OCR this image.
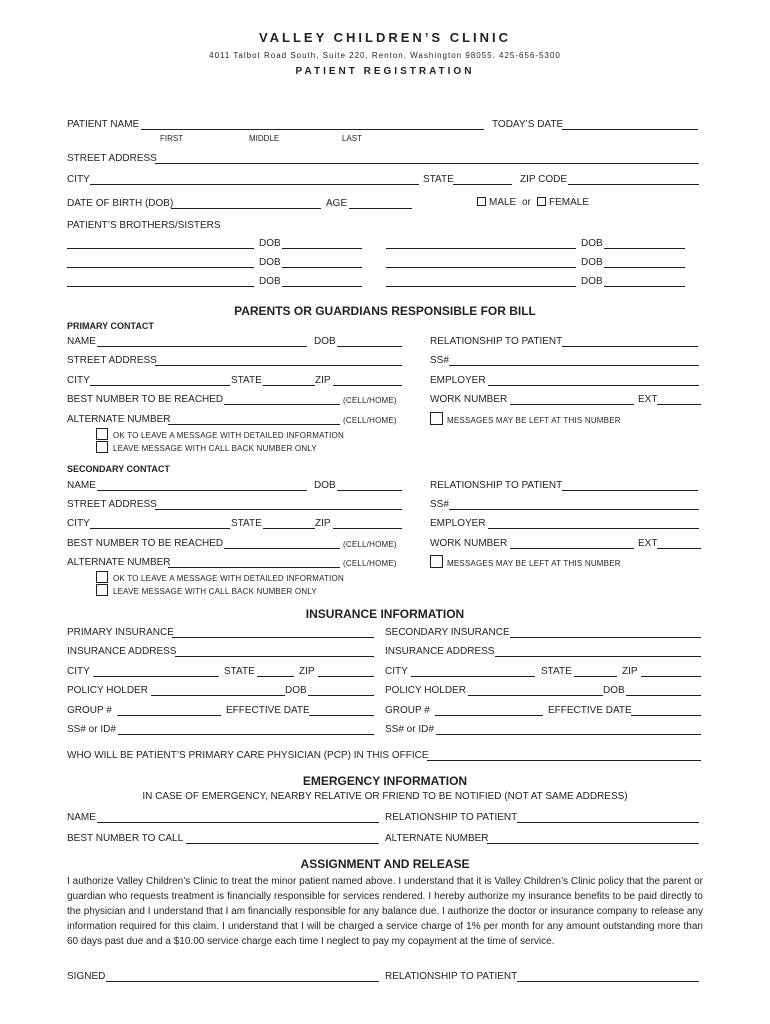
VALLEY CHILDREN’S CLINIC
4011 Talbot Road South, Suite 220, Renton, Washington 98055. 425-656-5300
PATIENT REGISTRATION
PATIENT NAME	TODAY’S DATE
FIRST	MIDDLE	LAST
STREET ADDRESS
CITY	STATE	ZIP CODE
DATE OF BIRTH (DOB)	AGE	MALE or FEMALE
PATIENT’S BROTHERS/SISTERS
DOB	DOB
DOB	DOB
DOB	DOB
PARENTS OR GUARDIANS RESPONSIBLE FOR BILL
PRIMARY CONTACT
NAME	DOB	RELATIONSHIP TO PATIENT
STREET ADDRESS	SS#
CITY	STATE	ZIP	EMPLOYER
BEST NUMBER TO BE REACHED	(CELL/HOME)	WORK NUMBER	EXT
ALTERNATE NUMBER	(CELL/HOME)	MESSAGES MAY BE LEFT AT THIS NUMBER
OK TO LEAVE A MESSAGE WITH DETAILED INFORMATION
LEAVE MESSAGE WITH CALL BACK NUMBER ONLY
SECONDARY CONTACT
NAME	DOB	RELATIONSHIP TO PATIENT
STREET ADDRESS	SS#
CITY	STATE	ZIP	EMPLOYER
BEST NUMBER TO BE REACHED	(CELL/HOME)	WORK NUMBER	EXT
ALTERNATE NUMBER	(CELL/HOME)	MESSAGES MAY BE LEFT AT THIS NUMBER
OK TO LEAVE A MESSAGE WITH DETAILED INFORMATION
LEAVE MESSAGE WITH CALL BACK NUMBER ONLY
INSURANCE INFORMATION
PRIMARY INSURANCE	SECONDARY INSURANCE
INSURANCE ADDRESS	INSURANCE ADDRESS
CITY	STATE	ZIP	CITY	STATE	ZIP
POLICY HOLDER	DOB	POLICY HOLDER	DOB
GROUP #	EFFECTIVE DATE	GROUP #	EFFECTIVE DATE
SS# or ID#	SS# or ID#
WHO WILL BE PATIENT’S PRIMARY CARE PHYSICIAN (PCP) IN THIS OFFICE
EMERGENCY INFORMATION
IN CASE OF EMERGENCY, NEARBY RELATIVE OR FRIEND TO BE NOTIFIED (NOT AT SAME ADDRESS)
NAME	RELATIONSHIP TO PATIENT
BEST NUMBER TO CALL	ALTERNATE NUMBER
ASSIGNMENT AND RELEASE
I authorize Valley Children’s Clinic to treat the minor patient named above. I understand that it is Valley Children’s Clinic policy that the parent or guardian who requests treatment is financially responsible for services rendered. I hereby authorize my insurance benefits to be paid directly to the physician and I understand that I am financially responsible for any balance due. I authorize the doctor or insurance company to release any information required for this claim. I understand that I will be charged a service charge of 1% per month for any amount outstanding more than 60 days past due and a $10.00 service charge each time I neglect to pay my copayment at the time of service.
SIGNED	RELATIONSHIP TO PATIENT
